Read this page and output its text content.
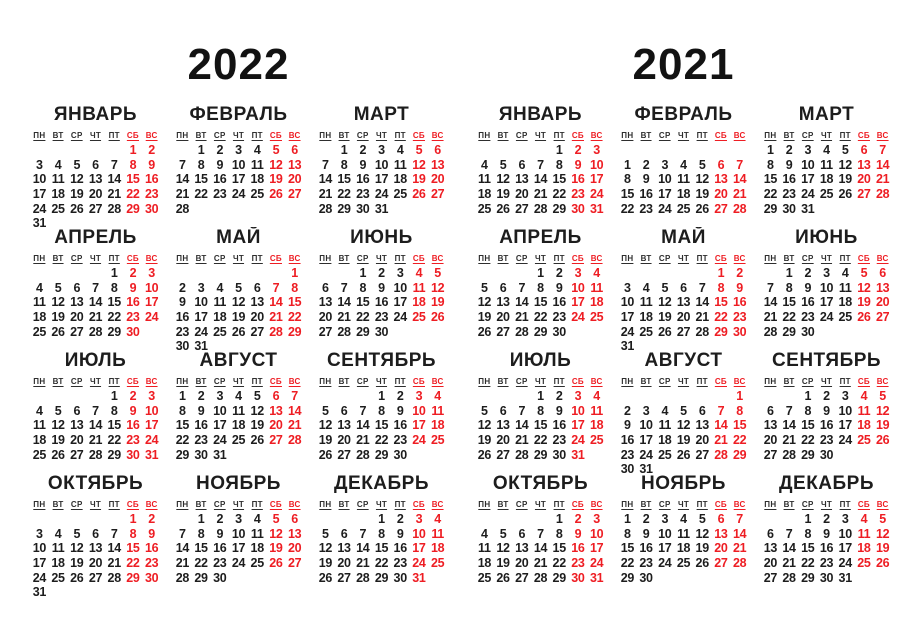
2022
ЯНВАРЬ
ПН ВТ СР ЧТ ПТ СБ ВС
1 2
3 4 5 6 7 8 9
10 11 12 13 14 15 16
17 18 19 20 21 22 23
24 25 26 27 28 29 30
31
ФЕВРАЛЬ
ПН ВТ СР ЧТ ПТ СБ ВС
1 2 3 4 5 6
7 8 9 10 11 12 13
14 15 16 17 18 19 20
21 22 23 24 25 26 27
28
МАРТ
ПН ВТ СР ЧТ ПТ СБ ВС
1 2 3 4 5 6
7 8 9 10 11 12 13
14 15 16 17 18 19 20
21 22 23 24 25 26 27
28 29 30 31
АПРЕЛЬ
ПН ВТ СР ЧТ ПТ СБ ВС
1 2 3
4 5 6 7 8 9 10
11 12 13 14 15 16 17
18 19 20 21 22 23 24
25 26 27 28 29 30
МАЙ
ПН ВТ СР ЧТ ПТ СБ ВС
1
2 3 4 5 6 7 8
9 10 11 12 13 14 15
16 17 18 19 20 21 22
23 24 25 26 27 28 29
30 31
ИЮНЬ
ПН ВТ СР ЧТ ПТ СБ ВС
1 2 3 4 5
6 7 8 9 10 11 12
13 14 15 16 17 18 19
20 21 22 23 24 25 26
27 28 29 30
ИЮЛЬ
ПН ВТ СР ЧТ ПТ СБ ВС
1 2 3
4 5 6 7 8 9 10
11 12 13 14 15 16 17
18 19 20 21 22 23 24
25 26 27 28 29 30 31
АВГУСТ
ПН ВТ СР ЧТ ПТ СБ ВС
1 2 3 4 5 6 7
8 9 10 11 12 13 14
15 16 17 18 19 20 21
22 23 24 25 26 27 28
29 30 31
СЕНТЯБРЬ
ПН ВТ СР ЧТ ПТ СБ ВС
1 2 3 4
5 6 7 8 9 10 11
12 13 14 15 16 17 18
19 20 21 22 23 24 25
26 27 28 29 30
ОКТЯБРЬ
ПН ВТ СР ЧТ ПТ СБ ВС
1 2
3 4 5 6 7 8 9
10 11 12 13 14 15 16
17 18 19 20 21 22 23
24 25 26 27 28 29 30
31
НОЯБРЬ
ПН ВТ СР ЧТ ПТ СБ ВС
1 2 3 4 5 6
7 8 9 10 11 12 13
14 15 16 17 18 19 20
21 22 23 24 25 26 27
28 29 30
ДЕКАБРЬ
ПН ВТ СР ЧТ ПТ СБ ВС
1 2 3 4
5 6 7 8 9 10 11
12 13 14 15 16 17 18
19 20 21 22 23 24 25
26 27 28 29 30 31
2021
ЯНВАРЬ
ПН ВТ СР ЧТ ПТ СБ ВС
1 2 3
4 5 6 7 8 9 10
11 12 13 14 15 16 17
18 19 20 21 22 23 24
25 26 27 28 29 30 31
ФЕВРАЛЬ
ПН ВТ СР ЧТ ПТ СБ ВС
1 2 3 4 5 6 7
8 9 10 11 12 13 14
15 16 17 18 19 20 21
22 23 24 25 26 27 28
МАРТ
ПН ВТ СР ЧТ ПТ СБ ВС
1 2 3 4 5 6 7
8 9 10 11 12 13 14
15 16 17 18 19 20 21
22 23 24 25 26 27 28
29 30 31
АПРЕЛЬ
ПН ВТ СР ЧТ ПТ СБ ВС
1 2 3 4
5 6 7 8 9 10 11
12 13 14 15 16 17 18
19 20 21 22 23 24 25
26 27 28 29 30
МАЙ
ПН ВТ СР ЧТ ПТ СБ ВС
1 2
3 4 5 6 7 8 9
10 11 12 13 14 15 16
17 18 19 20 21 22 23
24 25 26 27 28 29 30
31
ИЮНЬ
ПН ВТ СР ЧТ ПТ СБ ВС
1 2 3 4 5 6
7 8 9 10 11 12 13
14 15 16 17 18 19 20
21 22 23 24 25 26 27
28 29 30
ИЮЛЬ
ПН ВТ СР ЧТ ПТ СБ ВС
1 2 3 4
5 6 7 8 9 10 11
12 13 14 15 16 17 18
19 20 21 22 23 24 25
26 27 28 29 30 31
АВГУСТ
ПН ВТ СР ЧТ ПТ СБ ВС
1
2 3 4 5 6 7 8
9 10 11 12 13 14 15
16 17 18 19 20 21 22
23 24 25 26 27 28 29
30 31
СЕНТЯБРЬ
ПН ВТ СР ЧТ ПТ СБ ВС
1 2 3 4 5
6 7 8 9 10 11 12
13 14 15 16 17 18 19
20 21 22 23 24 25 26
27 28 29 30
ОКТЯБРЬ
ПН ВТ СР ЧТ ПТ СБ ВС
1 2 3
4 5 6 7 8 9 10
11 12 13 14 15 16 17
18 19 20 21 22 23 24
25 26 27 28 29 30 31
НОЯБРЬ
ПН ВТ СР ЧТ ПТ СБ ВС
1 2 3 4 5 6 7
8 9 10 11 12 13 14
15 16 17 18 19 20 21
22 23 24 25 26 27 28
29 30
ДЕКАБРЬ
ПН ВТ СР ЧТ ПТ СБ ВС
1 2 3 4 5
6 7 8 9 10 11 12
13 14 15 16 17 18 19
20 21 22 23 24 25 26
27 28 29 30 31
